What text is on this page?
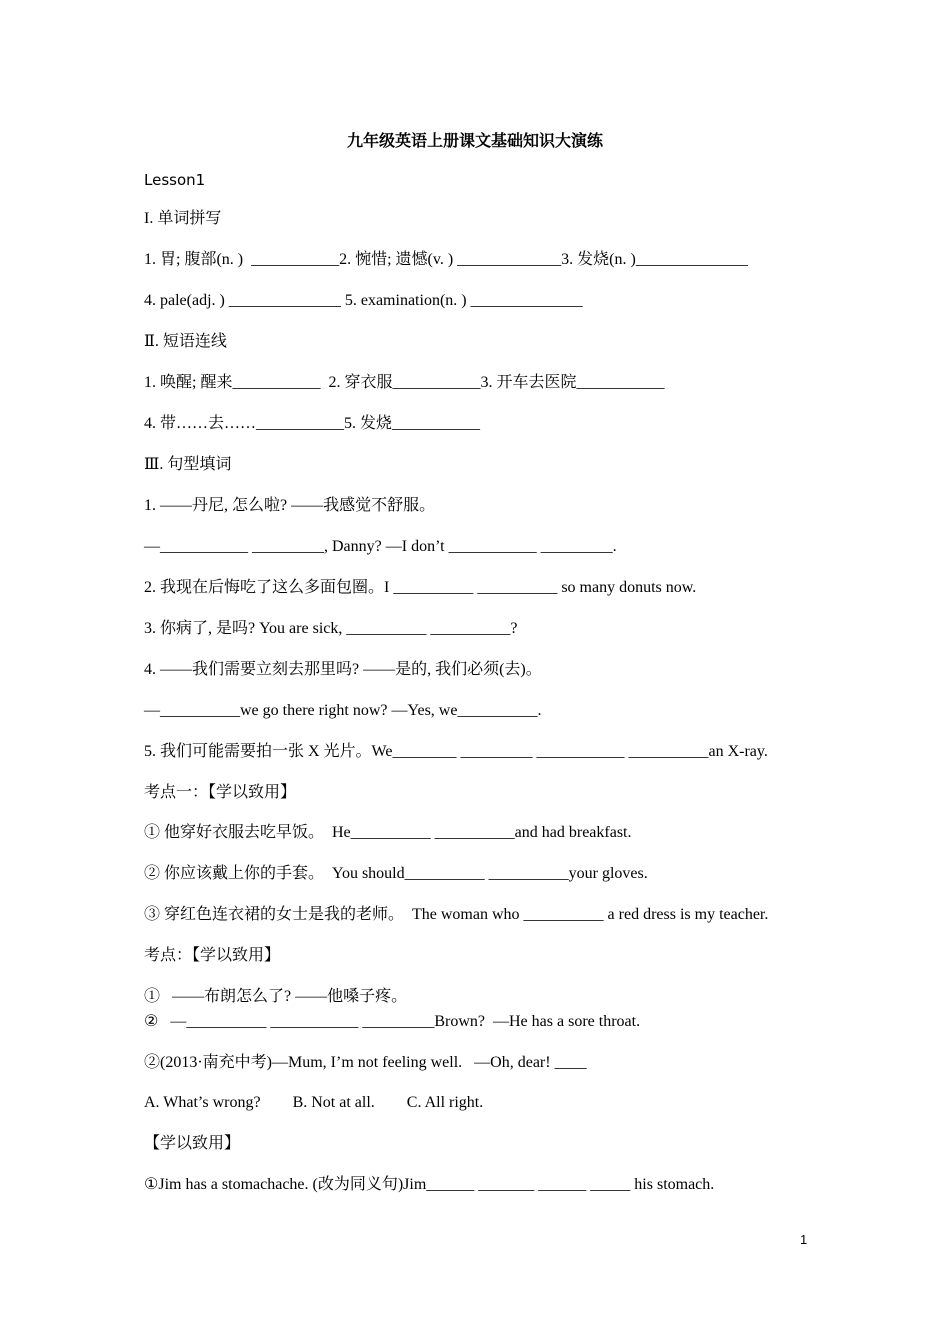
九年级英语上册课文基础知识大演练
Lesson1
I. 单词拼写
1. 胃; 腹部(n. )  ___________2. 惋惜; 遗憾(v. ) _____________3. 发烧(n. )______________
4. pale(adj. ) ______________ 5. examination(n. ) ______________
Ⅱ. 短语连线
1. 唤醒; 醒来___________  2. 穿衣服___________3. 开车去医院___________
4. 带……去……___________5. 发烧___________
Ⅲ. 句型填词
1. ——丹尼, 怎么啦? ——我感觉不舒服。
—___________ _________, Danny? —I don’t ___________ _________.
2. 我现在后悔吃了这么多面包圈。I __________ __________ so many donuts now.
3. 你病了, 是吗? You are sick, __________ __________?
4. ——我们需要立刻去那里吗? ——是的, 我们必须(去)。
—__________we go there right now? —Yes, we__________.
5. 我们可能需要拍一张 X 光片。We________ _________ ___________ __________an X-ray.
考点一：【学以致用】
① 他穿好衣服去吃早饭。  He__________ __________and had breakfast.
② 你应该戴上你的手套。  You should__________ __________your gloves.
③ 穿红色连衣裙的女士是我的老师。  The woman who __________ a red dress is my teacher.
考点：【学以致用】
①   ——布朗怎么了? ——他嗓子疼。
②   —__________ ___________ _________Brown?  —He has a sore throat.
②(2013·南充中考)—Mum, I’m not feeling well.   —Oh, dear! ____
A. What’s wrong?        B. Not at all.        C. All right.
【学以致用】
①Jim has a stomachache. (改为同义句)Jim______ _______ ______ _____ his stomach.
1
